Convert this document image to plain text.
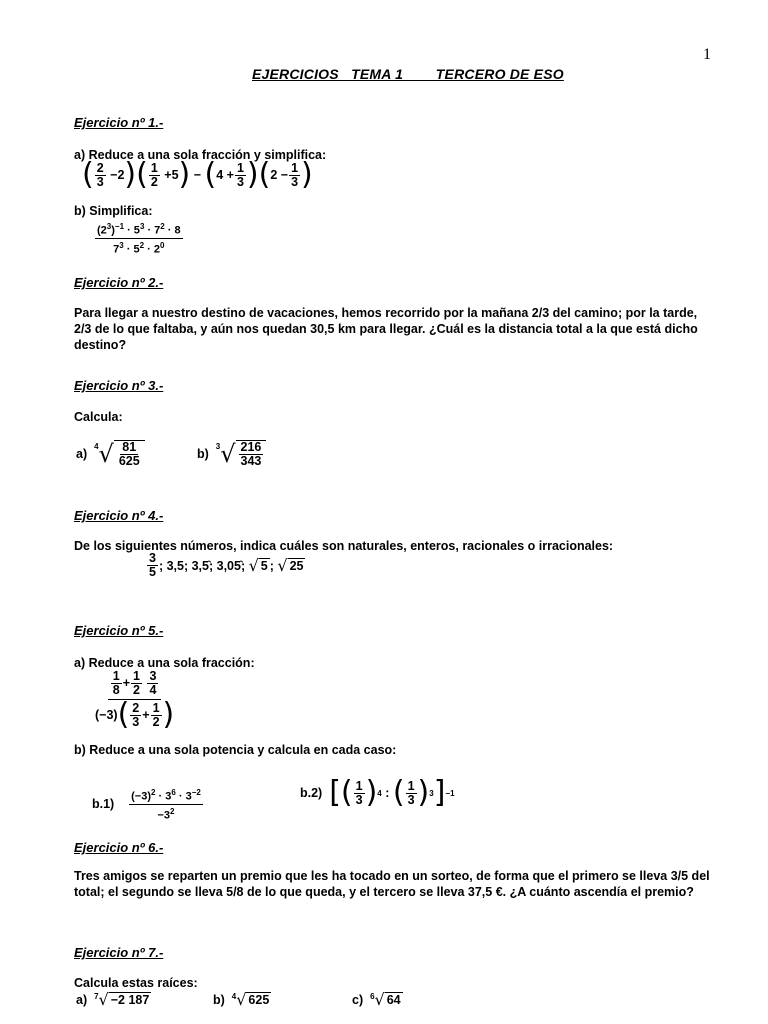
1
EJERCICIOS   TEMA 1        TERCERO DE ESO
Ejercicio nº 1.-
a) Reduce a una sola fracción y simplifica:
( $\frac{2}{3} -2$ ) ( $\frac{1}{2} +5$ ) − ( $4 + \frac{1}{3}$ ) ( $2 - \frac{1}{3}$ )
b) Simplifica:
$\frac{(2^3)^{-1} \cdot 5^3 \cdot 7^2 \cdot 8}{7^3 \cdot 5^2 \cdot 2^0}$
Ejercicio nº 2.-
Para llegar a nuestro destino de vacaciones, hemos recorrido por la mañana 2/3 del camino; por la tarde, 2/3 de lo que faltaba, y aún nos quedan 30,5 km para llegar. ¿Cuál es la distancia total a la que está dicho destino?
Ejercicio nº 3.-
Calcula:
a)

4 √ $\frac{81}{625}$	b)

3 √ $\frac{216}{343}$
Ejercicio nº 4.-
De los siguientes números, indica cuáles son naturales, enteros, racionales o irracionales:
$\frac{3}{5}$ ; 3,5; 3,5̑; 3,05̑; √ 5 ; √ 25
Ejercicio nº 5.-
a) Reduce a una sola fracción:
$\frac{1}{8} + \frac{1}{2}$
$\frac{3}{4}$
(−3) ( $\frac{2}{3} + \frac{1}{2}$ )
b) Reduce a una sola potencia y calcula en cada caso:
b.1)
$\frac{(-3)^2 \cdot 3^6 \cdot 3^{-2}}{-3^2}$	b.2)
[ ( $\frac{1}{3}$ ) 4 : ( $\frac{1}{3}$ ) 3 ] −1
Ejercicio nº 6.-
Tres amigos se reparten un premio que les ha tocado en un sorteo, de forma que el primero se lleva 3/5 del total; el segundo se lleva 5/8 de lo que queda, y el tercero se lleva 37,5 €. ¿A cuánto ascendía el premio?
Ejercicio nº 7.-
Calcula estas raíces:
a)
7 √ −2 187	b)
4 √ 625	c)
6 √ 64
